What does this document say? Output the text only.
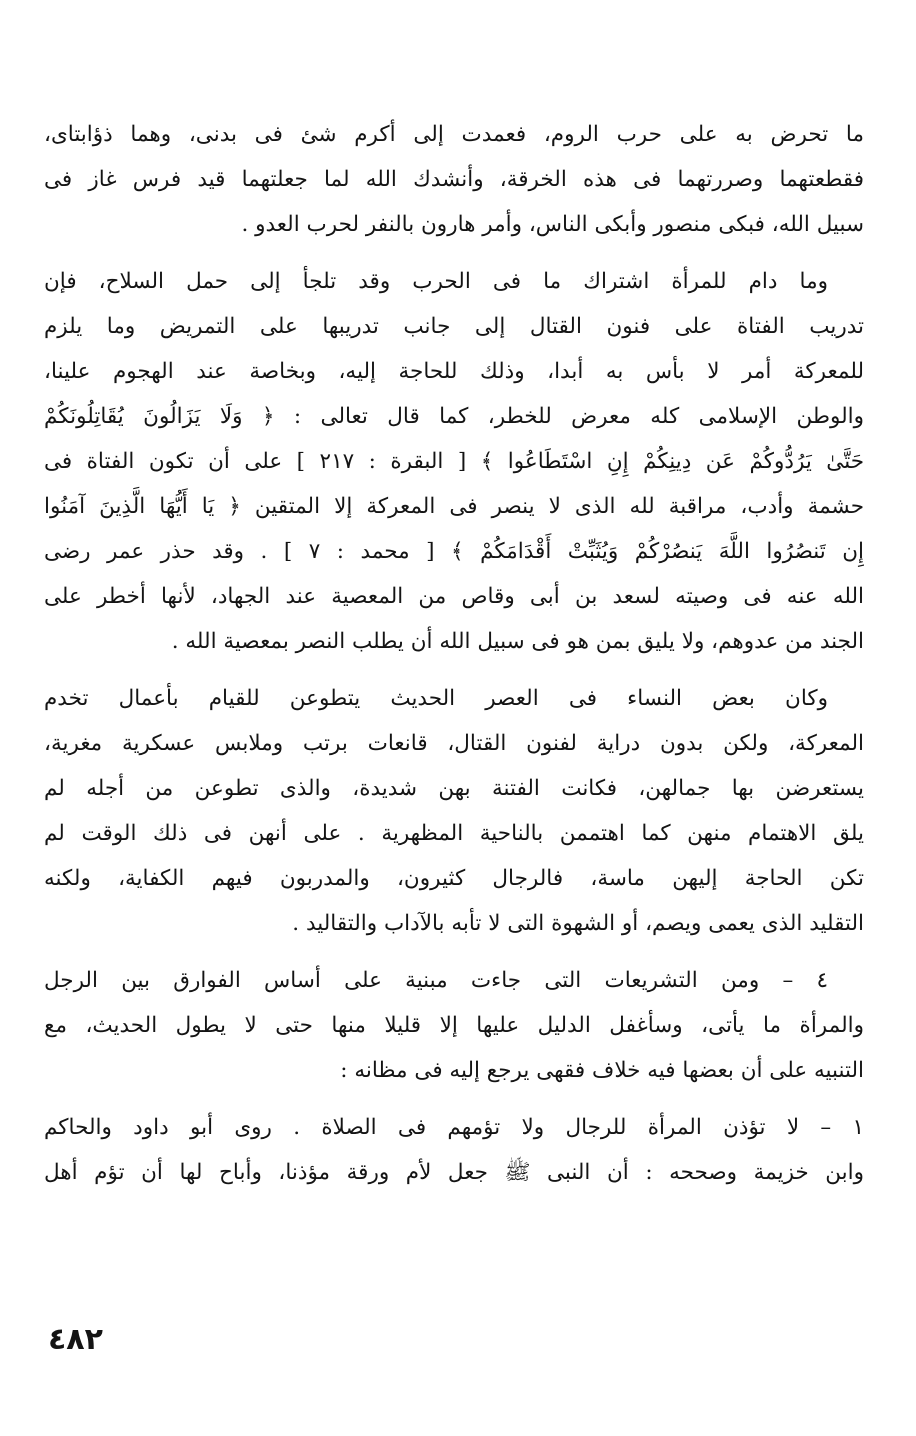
ما تحرض به على حرب الروم، فعمدت إلى أكرم شئ فى بدنى، وهما ذؤابتاى،
فقطعتهما وصررتهما فى هذه الخرقة، وأنشدك الله لما جعلتهما قيد فرس غاز فى
سبيل الله، فبكى منصور وأبكى الناس، وأمر هارون بالنفر لحرب العدو .
وما دام للمرأة اشتراك ما فى الحرب وقد تلجأ إلى حمل السلاح، فإن
تدريب الفتاة على فنون القتال إلى جانب تدريبها على التمريض وما يلزم
للمعركة أمر لا بأس به أبدا، وذلك للحاجة إليه، وبخاصة عند الهجوم علينا،
والوطن الإسلامى كله معرض للخطر، كما قال تعالى : ﴿ وَلَا يَزَالُونَ يُقَاتِلُونَكُمْ
حَتَّىٰ يَرُدُّوكُمْ عَن دِينِكُمْ إِنِ اسْتَطَاعُوا ﴾ [ البقرة : ٢١٧ ] على أن تكون الفتاة فى
حشمة وأدب، مراقبة لله الذى لا ينصر فى المعركة إلا المتقين ﴿ يَا أَيُّهَا الَّذِينَ آمَنُوا
إِن تَنصُرُوا اللَّهَ يَنصُرْكُمْ وَيُثَبِّتْ أَقْدَامَكُمْ ﴾ [ محمد : ٧ ] . وقد حذر عمر رضى
الله عنه فى وصيته لسعد بن أبى وقاص من المعصية عند الجهاد، لأنها أخطر على
الجند من عدوهم، ولا يليق بمن هو فى سبيل الله أن يطلب النصر بمعصية الله .
وكان بعض النساء فى العصر الحديث يتطوعن للقيام بأعمال تخدم
المعركة، ولكن بدون دراية لفنون القتال، قانعات برتب وملابس عسكرية مغرية،
يستعرضن بها جمالهن، فكانت الفتنة بهن شديدة، والذى تطوعن من أجله لم
يلق الاهتمام منهن كما اهتممن بالناحية المظهرية . على أنهن فى ذلك الوقت لم
تكن الحاجة إليهن ماسة، فالرجال كثيرون، والمدربون فيهم الكفاية، ولكنه
التقليد الذى يعمى ويصم، أو الشهوة التى لا تأبه بالآداب والتقاليد .
٤ – ومن التشريعات التى جاءت مبنية على أساس الفوارق بين الرجل
والمرأة ما يأتى، وسأغفل الدليل عليها إلا قليلا منها حتى لا يطول الحديث، مع
التنبيه على أن بعضها فيه خلاف فقهى يرجع إليه فى مظانه :
١ – لا تؤذن المرأة للرجال ولا تؤمهم فى الصلاة . روى أبو داود والحاكم
وابن خزيمة وصححه : أن النبى ﷺ جعل لأم ورقة مؤذنا، وأباح لها أن تؤم أهل
٤٨٢
